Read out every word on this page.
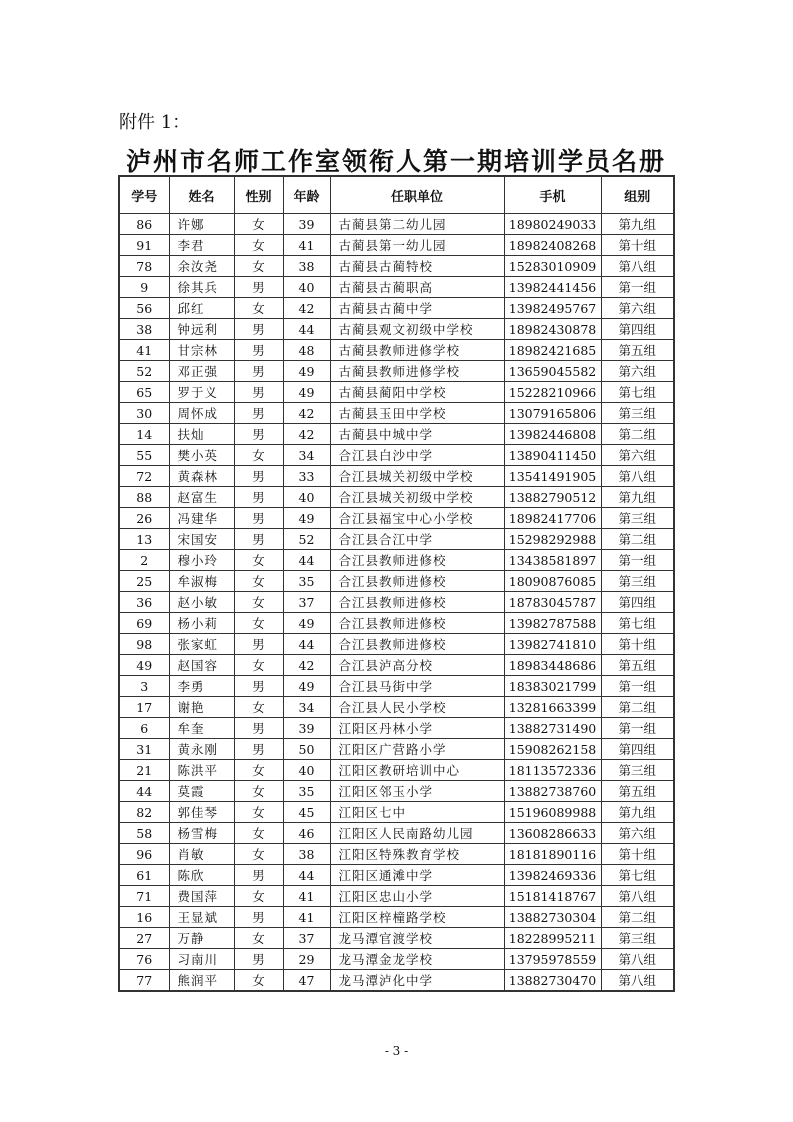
附件 1：
泸州市名师工作室领衔人第一期培训学员名册
学号	姓名	性别	年龄	任职单位	手机	组别
86	许娜	女	39	古蔺县第二幼儿园	18980249033	第九组
91	李君	女	41	古蔺县第一幼儿园	18982408268	第十组
78	余汝尧	女	38	古蔺县古蔺特校	15283010909	第八组
9	徐其兵	男	40	古蔺县古蔺职高	13982441456	第一组
56	邱红	女	42	古蔺县古蔺中学	13982495767	第六组
38	钟远利	男	44	古蔺县观文初级中学校	18982430878	第四组
41	甘宗林	男	48	古蔺县教师进修学校	18982421685	第五组
52	邓正强	男	49	古蔺县教师进修学校	13659045582	第六组
65	罗于义	男	49	古蔺县蔺阳中学校	15228210966	第七组
30	周怀成	男	42	古蔺县玉田中学校	13079165806	第三组
14	扶灿	男	42	古蔺县中城中学	13982446808	第二组
55	樊小英	女	34	合江县白沙中学	13890411450	第六组
72	黄森林	男	33	合江县城关初级中学校	13541491905	第八组
88	赵富生	男	40	合江县城关初级中学校	13882790512	第九组
26	冯建华	男	49	合江县福宝中心小学校	18982417706	第三组
13	宋国安	男	52	合江县合江中学	15298292988	第二组
2	穆小玲	女	44	合江县教师进修校	13438581897	第一组
25	牟淑梅	女	35	合江县教师进修校	18090876085	第三组
36	赵小敏	女	37	合江县教师进修校	18783045787	第四组
69	杨小莉	女	49	合江县教师进修校	13982787588	第七组
98	张家虹	男	44	合江县教师进修校	13982741810	第十组
49	赵国容	女	42	合江县泸高分校	18983448686	第五组
3	李勇	男	49	合江县马街中学	18383021799	第一组
17	谢艳	女	34	合江县人民小学校	13281663399	第二组
6	牟奎	男	39	江阳区丹林小学	13882731490	第一组
31	黄永刚	男	50	江阳区广营路小学	15908262158	第四组
21	陈洪平	女	40	江阳区教研培训中心	18113572336	第三组
44	莫霞	女	35	江阳区邻玉小学	13882738760	第五组
82	郭佳琴	女	45	江阳区七中	15196089988	第九组
58	杨雪梅	女	46	江阳区人民南路幼儿园	13608286633	第六组
96	肖敏	女	38	江阳区特殊教育学校	18181890116	第十组
61	陈欣	男	44	江阳区通滩中学	13982469336	第七组
71	费国萍	女	41	江阳区忠山小学	15181418767	第八组
16	王显斌	男	41	江阳区梓橦路学校	13882730304	第二组
27	万静	女	37	龙马潭官渡学校	18228995211	第三组
76	习南川	男	29	龙马潭金龙学校	13795978559	第八组
77	熊润平	女	47	龙马潭泸化中学	13882730470	第八组
- 3 -
